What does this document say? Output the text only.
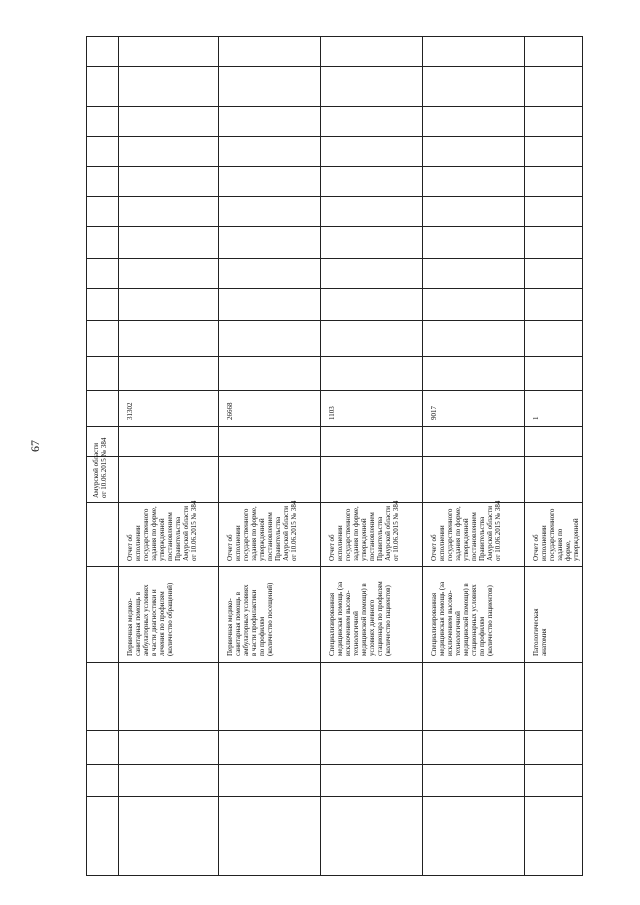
67
Амурской области
от 10.06.2015 № 384
Первичная медико-
санитарная помощь в
амбулаторных условиях
в части диагностики и
лечения по профилям
(количество обращений)
Отчет об
исполнении
государственного
задания по форме,
утвержденной
постановлением
Правительства
Амурской области
от 10.06.2015 № 384
31302
Первичная медико-
санитарная помощь в
амбулаторных условиях
в части профилактики
по профилям
(количество посещений)
Отчет об
исполнении
государственного
задания по форме,
утвержденной
постановлением
Правительства
Амурской области
от 10.06.2015 № 384
26668
Специализированная
медицинская помощь (за
исключением высоко-
технологичной
медицинской помощи) в
условиях дневного
стационара по профилям
(количество пациентов)
Отчет об
исполнении
государственного
задания по форме,
утвержденной
постановлением
Правительства
Амурской области
от 10.06.2015 № 384
1103
Специализированная
медицинская помощь (за
исключением высоко-
технологичной
медицинской помощи) в
стационарных условиях
по профилям
(количество пациентов)
Отчет об
исполнении
государственного
задания по форме,
утвержденной
постановлением
Правительства
Амурской области
от 10.06.2015 № 384
9017
Патологическая
анатомия
Отчет об
исполнении
государственного
задания по форме,
утвержденной
1
